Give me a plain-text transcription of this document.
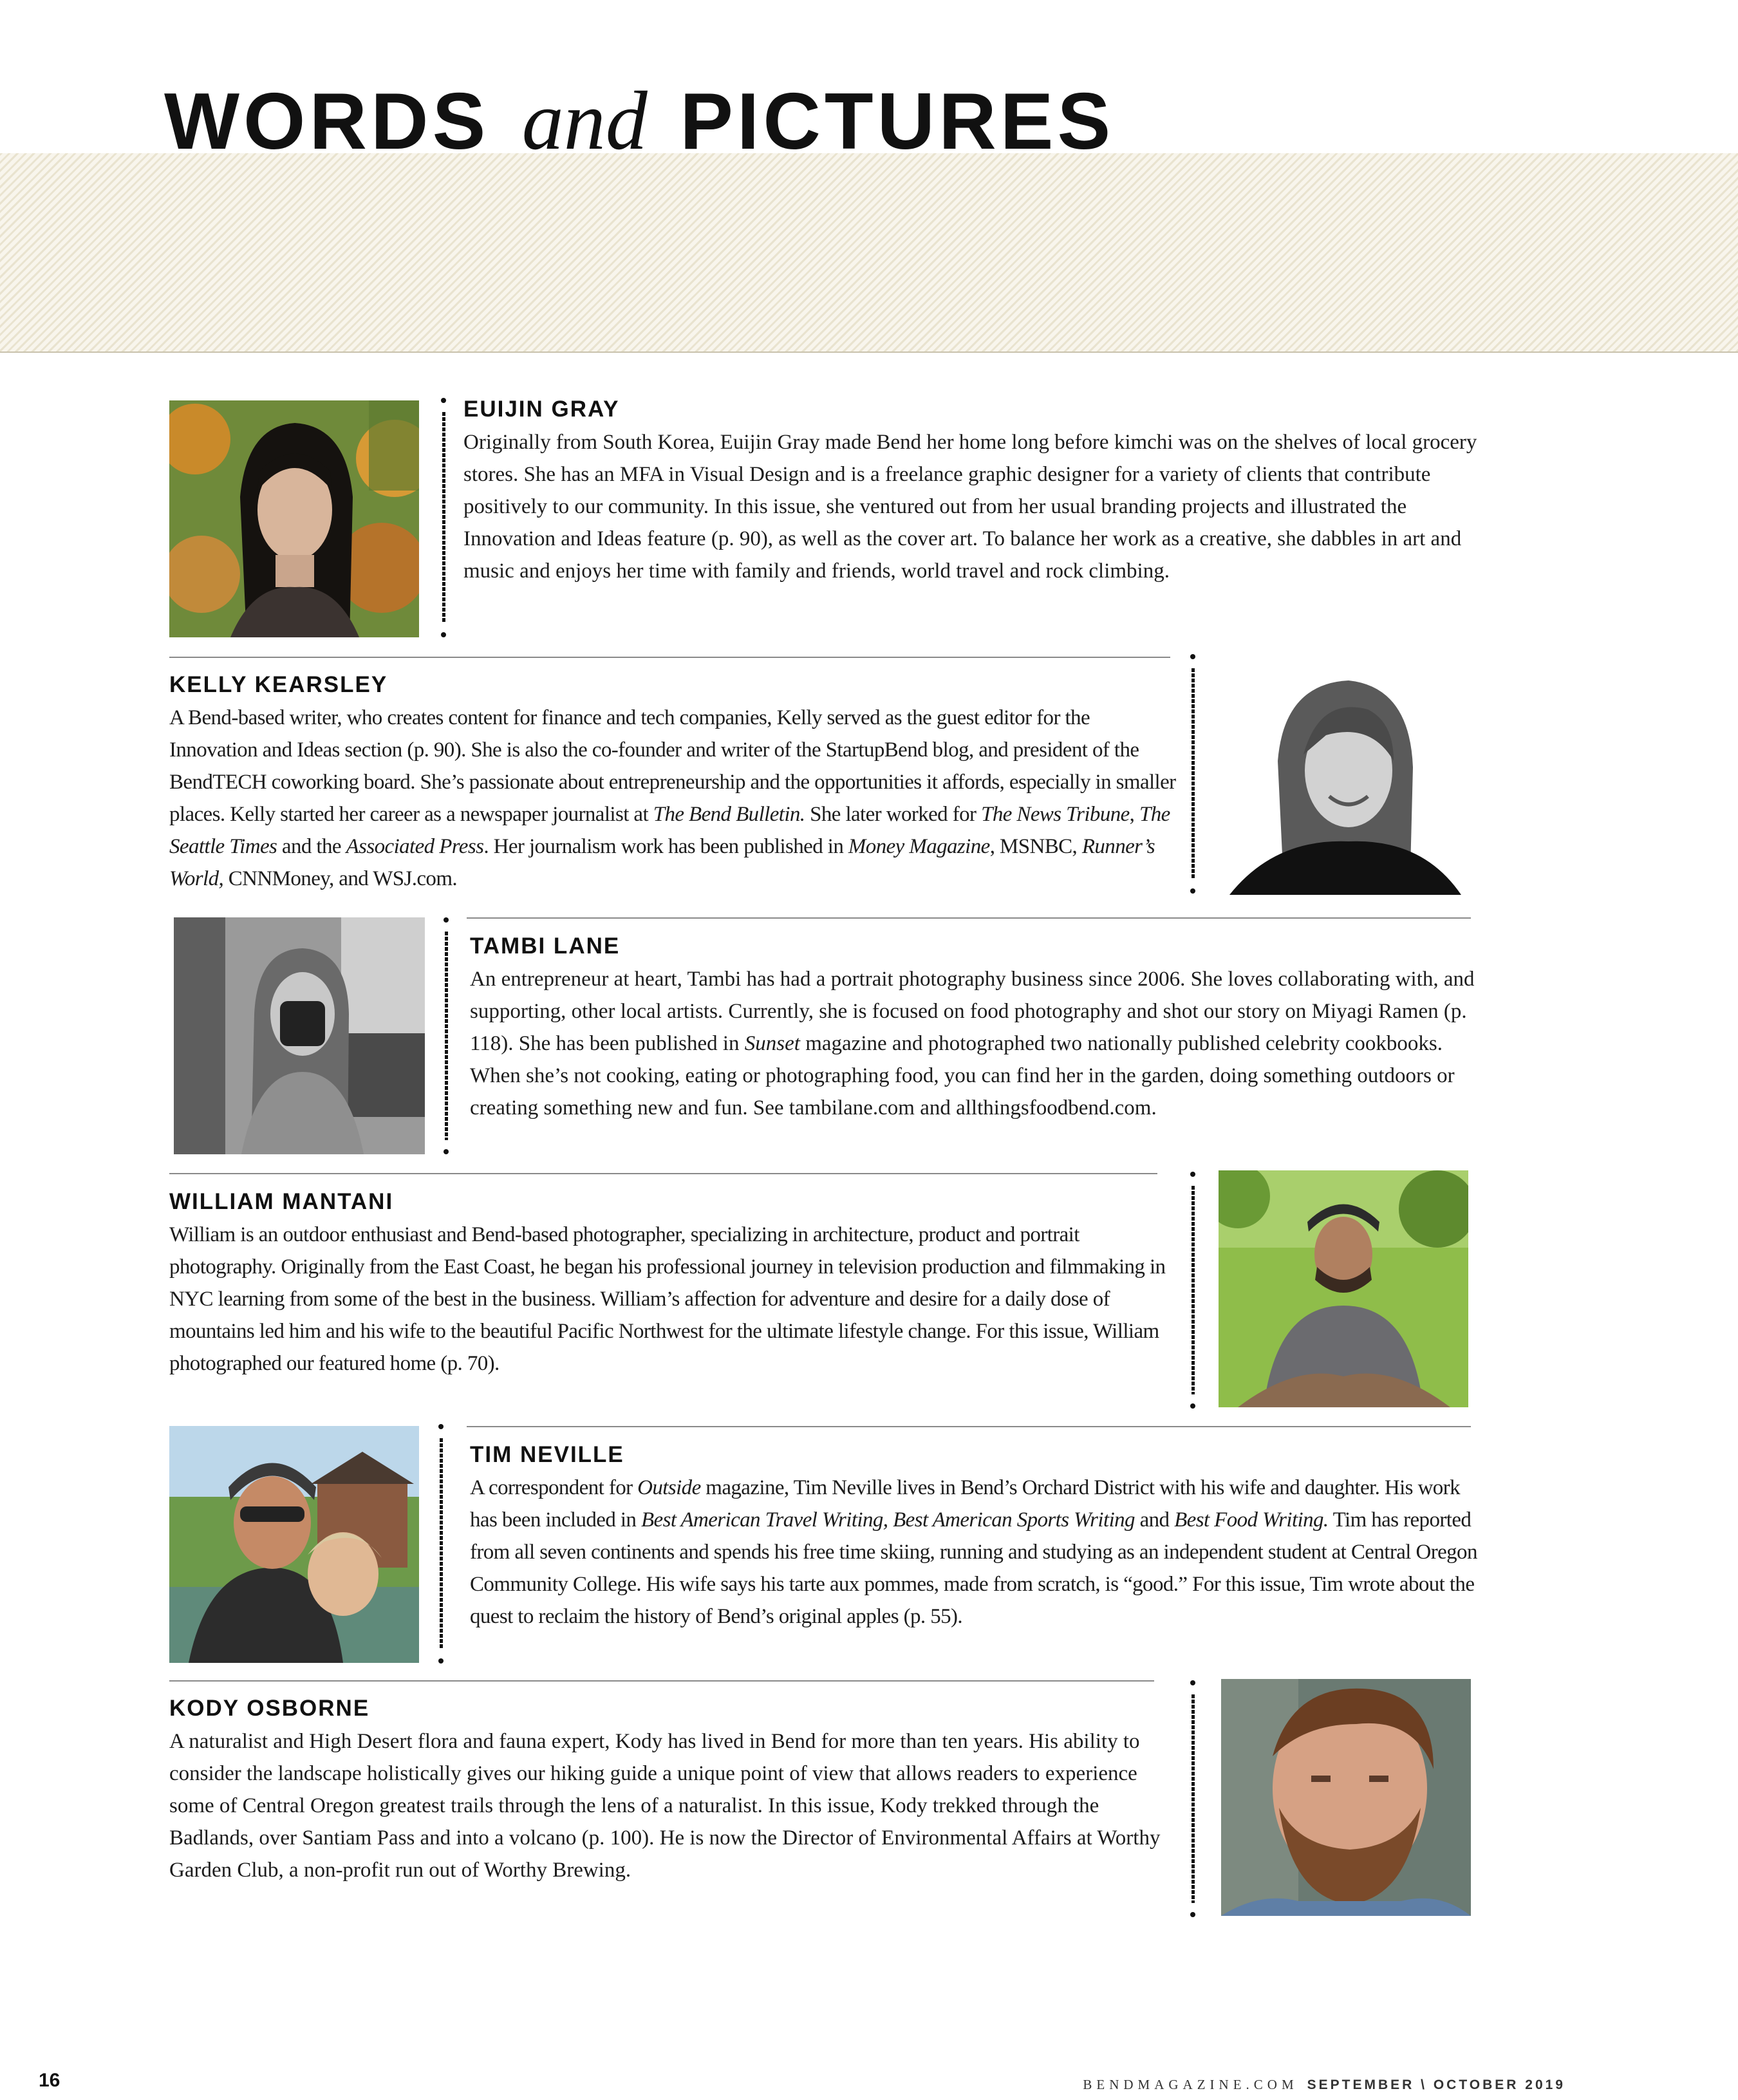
WORDS and PICTURES

EUIJIN GRAY

Originally from South Korea, Euijin Gray made Bend her home long before kimchi was on the shelves of local grocery stores. She has an MFA in Visual Design and is a freelance graphic designer for a variety of clients that contribute positively to our community. In this issue, she ventured out from her usual branding projects and illustrated the Innovation and Ideas feature (p. 90), as well as the cover art. To balance her work as a creative, she dabbles in art and music and enjoys her time with family and friends, world travel and rock climbing.

KELLY KEARSLEY

A Bend-based writer, who creates content for finance and tech companies, Kelly served as the guest editor for the Innovation and Ideas section (p. 90). She is also the co-founder and writer of the StartupBend blog, and president of the BendTECH coworking board. She’s passionate about entrepreneurship and the opportunities it affords, especially in smaller places. Kelly started her career as a newspaper journalist at The Bend Bulletin. She later worked for The News Tribune, The Seattle Times and the Associated Press. Her journalism work has been published in Money Magazine, MSNBC, Runner’s World, CNNMoney, and WSJ.com.

TAMBI LANE

An entrepreneur at heart, Tambi has had a portrait photography business since 2006. She loves collaborating with, and supporting, other local artists. Currently, she is focused on food photography and shot our story on Miyagi Ramen (p. 118). She has been published in Sunset magazine and photographed two nationally published celebrity cookbooks. When she’s not cooking, eating or photographing food, you can find her in the garden, doing something outdoors or creating something new and fun. See tambilane.com and allthingsfoodbend.com.

WILLIAM MANTANI

William is an outdoor enthusiast and Bend-based photographer, specializing in architecture, product and portrait photography. Originally from the East Coast, he began his professional journey in television production and filmmaking in NYC learning from some of the best in the business. William’s affection for adventure and desire for a daily dose of mountains led him and his wife to the beautiful Pacific Northwest for the ultimate lifestyle change. For this issue, William photographed our featured home (p. 70).

TIM NEVILLE

A correspondent for Outside magazine, Tim Neville lives in Bend’s Orchard District with his wife and daughter. His work has been included in Best American Travel Writing, Best American Sports Writing and Best Food Writing. Tim has reported from all seven continents and spends his free time skiing, running and studying as an independent student at Central Oregon Community College. His wife says his tarte aux pommes, made from scratch, is “good.” For this issue, Tim wrote about the quest to reclaim the history of Bend’s original apples (p. 55).

KODY OSBORNE

A naturalist and High Desert flora and fauna expert, Kody has lived in Bend for more than ten years. His ability to consider the landscape holistically gives our hiking guide a unique point of view that allows readers to experience some of Central Oregon greatest trails through the lens of a naturalist. In this issue, Kody trekked through the Badlands, over Santiam Pass and into a volcano (p. 100). He is now the Director of Environmental Affairs at Worthy Garden Club, a non-profit run out of Worthy Brewing.

16	BENDMAGAZINE.COM SEPTEMBER \ OCTOBER 2019
